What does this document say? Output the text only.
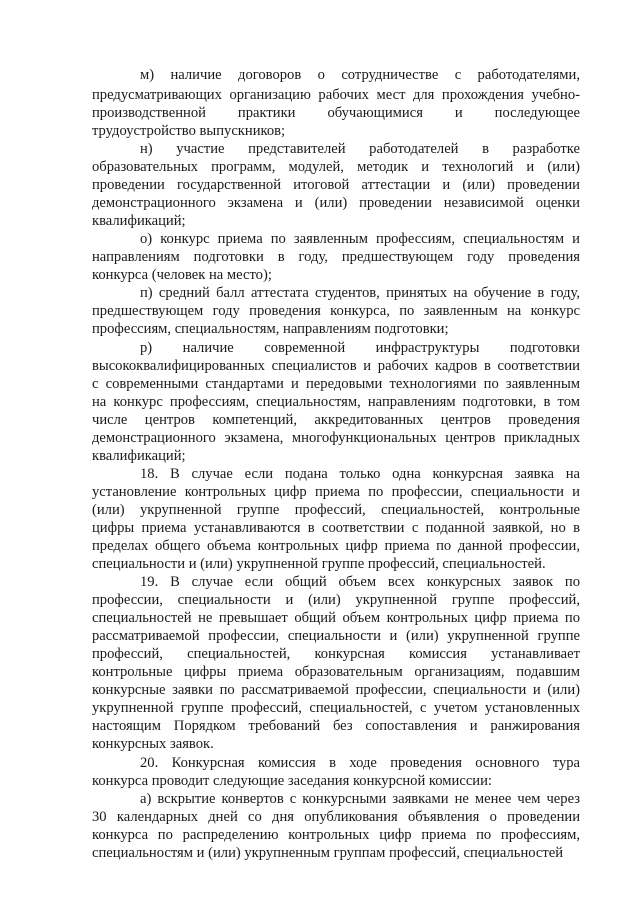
м) наличие договоров о сотрудничестве с работодателями,
предусматривающих организацию рабочих мест для прохождения учебно-
производственной практики обучающимися и последующее
трудоустройство выпускников;
н) участие представителей работодателей в разработке
образовательных программ, модулей, методик и технологий и (или)
проведении государственной итоговой аттестации и (или) проведении
демонстрационного экзамена и (или) проведении независимой оценки
квалификаций;
о) конкурс приема по заявленным профессиям, специальностям и
направлениям подготовки в году, предшествующем году проведения
конкурса (человек на место);
п) средний балл аттестата студентов, принятых на обучение в году,
предшествующем году проведения конкурса, по заявленным на конкурс
профессиям, специальностям, направлениям подготовки;
р) наличие современной инфраструктуры подготовки
высококвалифицированных специалистов и рабочих кадров в соответствии
с современными стандартами и передовыми технологиями по заявленным
на конкурс профессиям, специальностям, направлениям подготовки, в том
числе центров компетенций, аккредитованных центров проведения
демонстрационного экзамена, многофункциональных центров прикладных
квалификаций;
18. В случае если подана только одна конкурсная заявка на
установление контрольных цифр приема по профессии, специальности и
(или) укрупненной группе профессий, специальностей, контрольные
цифры приема устанавливаются в соответствии с поданной заявкой, но в
пределах общего объема контрольных цифр приема по данной профессии,
специальности и (или) укрупненной группе профессий, специальностей.
19. В случае если общий объем всех конкурсных заявок по
профессии, специальности и (или) укрупненной группе профессий,
специальностей не превышает общий объем контрольных цифр приема по
рассматриваемой профессии, специальности и (или) укрупненной группе
профессий, специальностей, конкурсная комиссия устанавливает
контрольные цифры приема образовательным организациям, подавшим
конкурсные заявки по рассматриваемой профессии, специальности и (или)
укрупненной группе профессий, специальностей, с учетом установленных
настоящим Порядком требований без сопоставления и ранжирования
конкурсных заявок.
20. Конкурсная комиссия в ходе проведения основного тура
конкурса проводит следующие заседания конкурсной комиссии:
а) вскрытие конвертов с конкурсными заявками не менее чем через
30 календарных дней со дня опубликования объявления о проведении
конкурса по распределению контрольных цифр приема по профессиям,
специальностям и (или) укрупненным группам профессий, специальностей
